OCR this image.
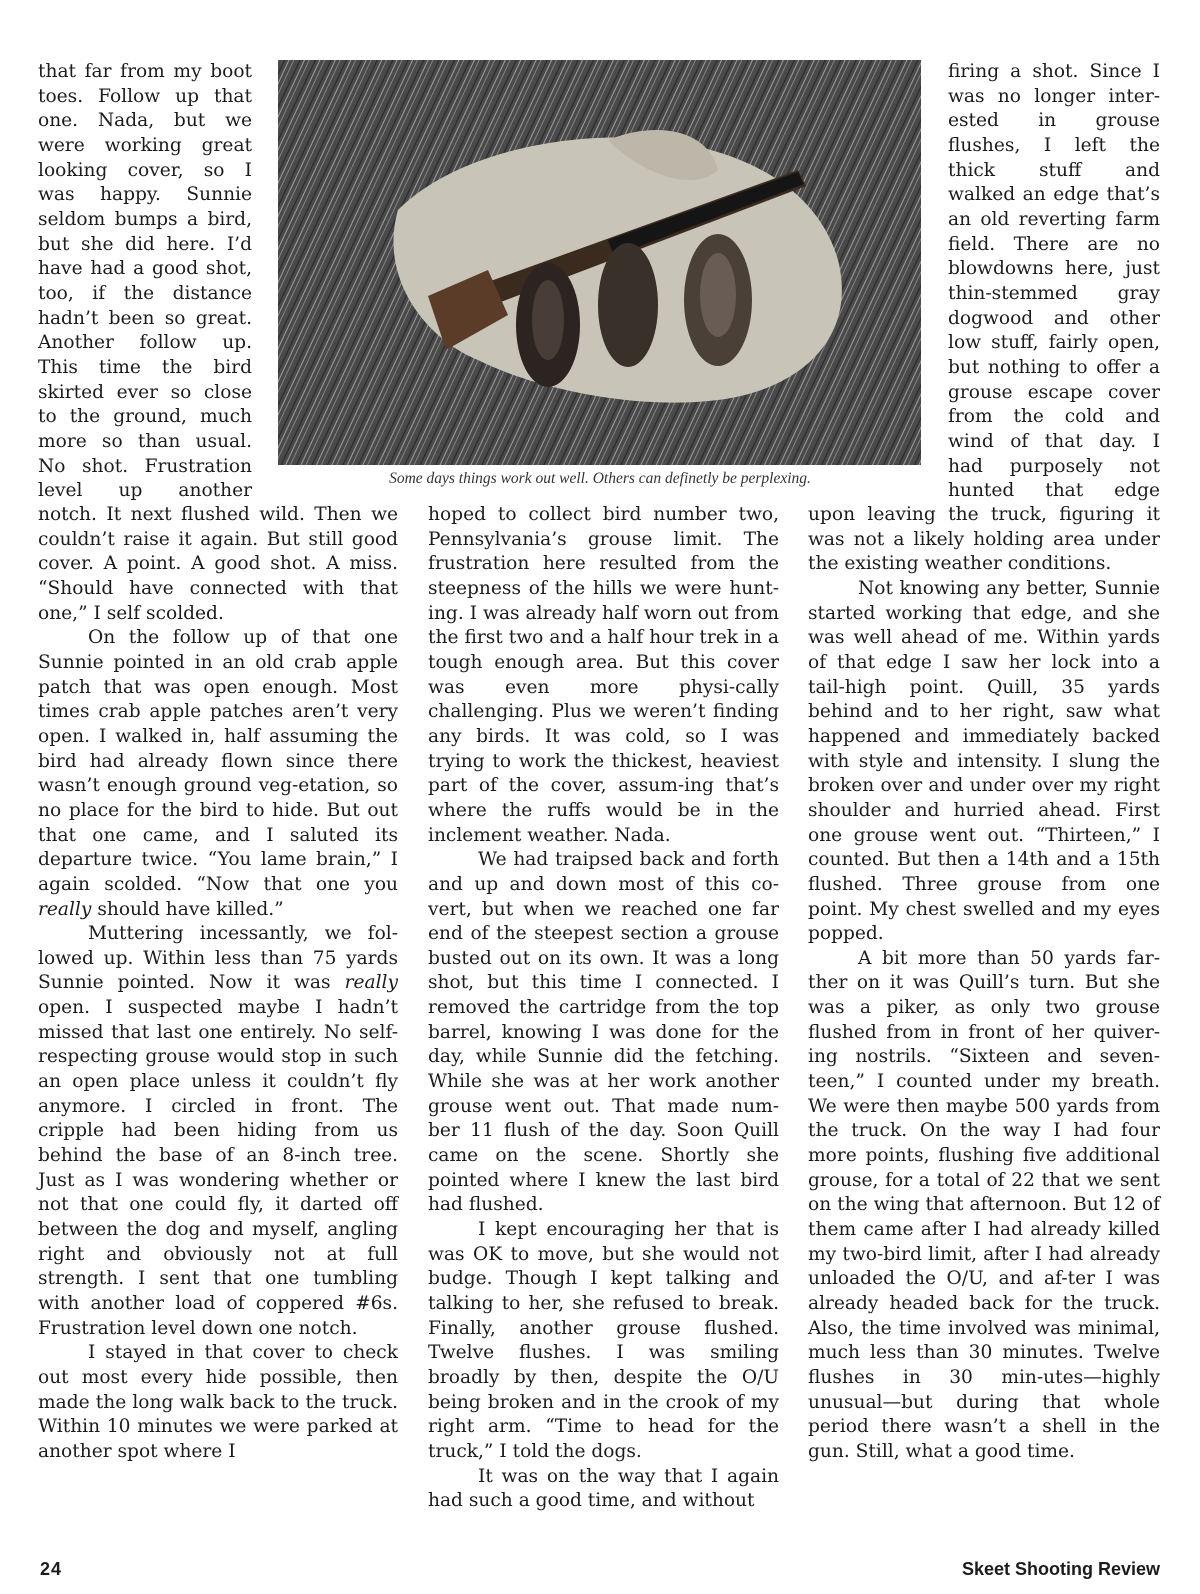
that far from my boot
toes. Follow up that
one. Nada, but we
were working great
looking cover, so I
was happy. Sunnie
seldom bumps a bird,
but she did here. I’d
have had a good shot,
too, if the distance
hadn’t been so great.
Another follow up.
This time the bird
skirted ever so close
to the ground, much
more so than usual.
No shot. Frustration
level up another
Some days things work out well. Others can definetly be perplexing.
firing a shot. Since I
was no longer inter-
ested in grouse
flushes, I left the
thick stuff and
walked an edge that’s
an old reverting farm
field. There are no
blowdowns here, just
thin-stemmed gray
dogwood and other
low stuff, fairly open,
but nothing to offer a
grouse escape cover
from the cold and
wind of that day. I
had purposely not
hunted that edge

notch. It next flushed wild. Then we couldn’t raise it again. But still good cover. A point. A good shot. A miss. “Should have connected with that one,” I self scolded.

On the follow up of that one Sunnie pointed in an old crab apple patch that was open enough. Most times crab apple patches aren’t very open. I walked in, half assuming the bird had already flown since there wasn’t enough ground veg-etation, so no place for the bird to hide. But out that one came, and I saluted its departure twice. “You lame brain,” I again scolded. “Now that one you really should have killed.”

Muttering incessantly, we fol-lowed up. Within less than 75 yards Sunnie pointed. Now it was really open. I suspected maybe I hadn’t missed that last one entirely. No self-respecting grouse would stop in such an open place unless it couldn’t fly anymore. I circled in front. The cripple had been hiding from us behind the base of an 8-inch tree. Just as I was wondering whether or not that one could fly, it darted off between the dog and myself, angling right and obviously not at full strength. I sent that one tumbling with another load of coppered #6s. Frustration level down one notch.

I stayed in that cover to check out most every hide possible, then made the long walk back to the truck. Within 10 minutes we were parked at another spot where I

hoped to collect bird number two, Pennsylvania’s grouse limit. The frustration here resulted from the steepness of the hills we were hunt-ing. I was already half worn out from the first two and a half hour trek in a tough enough area. But this cover was even more physi-cally challenging. Plus we weren’t finding any birds. It was cold, so I was trying to work the thickest, heaviest part of the cover, assum-ing that’s where the ruffs would be in the inclement weather. Nada.

We had traipsed back and forth and up and down most of this co-vert, but when we reached one far end of the steepest section a grouse busted out on its own. It was a long shot, but this time I connected. I removed the cartridge from the top barrel, knowing I was done for the day, while Sunnie did the fetching. While she was at her work another grouse went out. That made num-ber 11 flush of the day. Soon Quill came on the scene. Shortly she pointed where I knew the last bird had flushed.

I kept encouraging her that is was OK to move, but she would not budge. Though I kept talking and talking to her, she refused to break. Finally, another grouse flushed. Twelve flushes. I was smiling broadly by then, despite the O/U being broken and in the crook of my right arm. “Time to head for the truck,” I told the dogs.

It was on the way that I again had such a good time, and without

upon leaving the truck, figuring it was not a likely holding area under the existing weather conditions.

Not knowing any better, Sunnie started working that edge, and she was well ahead of me. Within yards of that edge I saw her lock into a tail-high point. Quill, 35 yards behind and to her right, saw what happened and immediately backed with style and intensity. I slung the broken over and under over my right shoulder and hurried ahead. First one grouse went out. “Thirteen,” I counted. But then a 14th and a 15th flushed. Three grouse from one point. My chest swelled and my eyes popped.

A bit more than 50 yards far-ther on it was Quill’s turn. But she was a piker, as only two grouse flushed from in front of her quiver-ing nostrils. “Sixteen and seven-teen,” I counted under my breath. We were then maybe 500 yards from the truck. On the way I had four more points, flushing five additional grouse, for a total of 22 that we sent on the wing that afternoon. But 12 of them came after I had already killed my two-bird limit, after I had already unloaded the O/U, and af-ter I was already headed back for the truck. Also, the time involved was minimal, much less than 30 minutes. Twelve flushes in 30 min-utes—highly unusual—but during that whole period there wasn’t a shell in the gun. Still, what a good time.

24	Skeet Shooting Review
